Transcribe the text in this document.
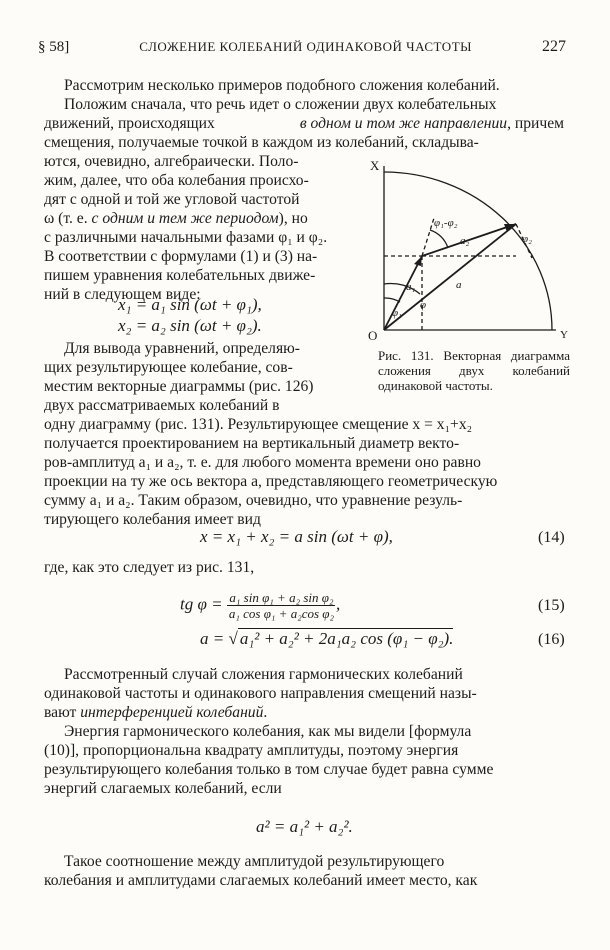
§ 58]	СЛОЖЕНИЕ КОЛЕБАНИЙ ОДИНАКОВОЙ ЧАСТОТЫ	227
Рассмотрим несколько примеров подобного сложения колебаний.
Положим сначала, что речь идет о сложении двух колебательных
движений, происходящих	в одном и том же направлении, причем
смещения, получаемые точкой в каждом из колебаний, складыва-
ются, очевидно, алгебраически. Поло-
жим, далее, что оба колебания происхо-
дят с одной и той же угловой частотой
ω (т. е. с одним и тем же периодом), но
с различными начальными фазами φ₁ и φ₂.
В соответствии с формулами (1) и (3) на-
пишем уравнения колебательных движе-
ний в следующем виде:
x₁ = a₁ sin (ωt + φ₁),
x₂ = a₂ sin (ωt + φ₂).
X
Y
O
a
a₁
a₂
φ
φ₁
φ₂
φ₁-φ₂
Рис. 131. Векторная диаграмма сложения двух колебаний одинаковой частоты.
Для вывода уравнений, определяю-
щих результирующее колебание, сов-
местим векторные диаграммы (рис. 126)
двух рассматриваемых колебаний в
одну диаграмму (рис. 131). Результирующее смещение x = x₁+x₂
получается проектированием на вертикальный диаметр векто-
ров-амплитуд a₁ и a₂, т. е. для любого момента времени оно равно
проекции на ту же ось вектора a, представляющего геометрическую
сумму a₁ и a₂. Таким образом, очевидно, что уравнение резуль-
тирующего колебания имеет вид
x = x₁ + x₂ = a sin (ωt + φ),	(14)
где, как это следует из рис. 131,
tg $\varphi = \frac{\text{a₁ sin φ₁ + a₂ sin φ₂}}{\text{a₁ cos φ₁ + a₂cos φ₂}}$ ,	(15)
a = √ a₁² + a₂² + 2a₁a₂ cos (φ₁ − φ₂).	(16)
Рассмотренный случай сложения гармонических колебаний
одинаковой частоты и одинакового направления смещений назы-
вают интерференцией колебаний.
Энергия гармонического колебания, как мы видели [формула
(10)], пропорциональна квадрату амплитуды, поэтому энергия
результирующего колебания только в том случае будет равна сумме
энергий слагаемых колебаний, если
a² = a₁² + a₂².
Такое соотношение между амплитудой результирующего
колебания и амплитудами слагаемых колебаний имеет место, как
